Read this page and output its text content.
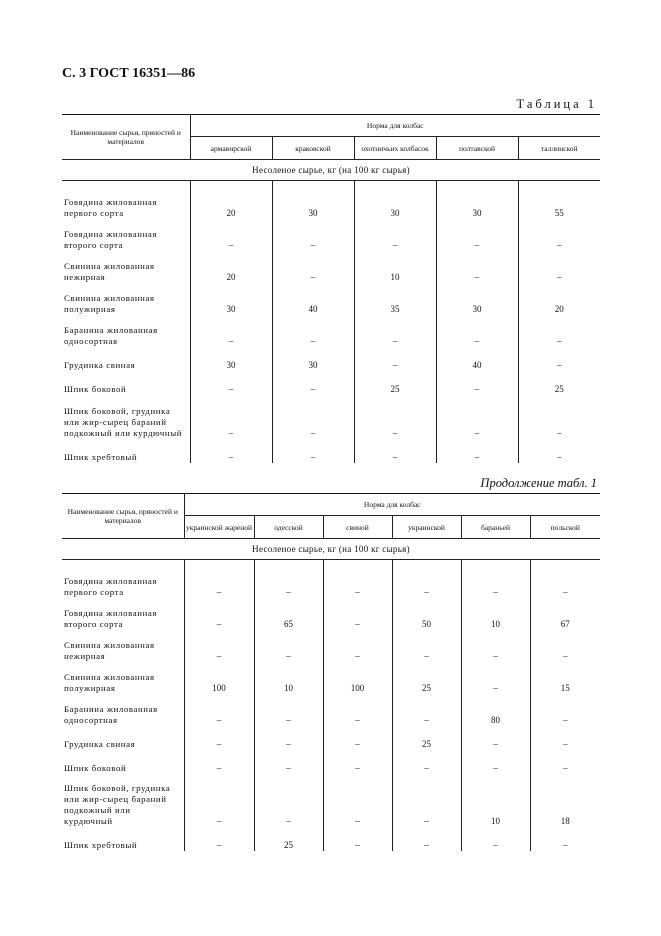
С. 3 ГОСТ 16351—86
Таблица 1
Наименование сырья, пряностей и материалов	Норма для колбас				
	армавирской	краковской	охотничьих колбасок	полтавской	таллинской
Несоленое сырье, кг (на 100 кг сырья)					

Говядина жилованная первого сорта	20	30	30	30	55
Говядина жилованная второго сорта	–	–	–	–	–
Свинина жилованная нежирная	20	–	10	–	–
Свинина жилованная полужирная	30	40	35	30	20
Баранина жилованная односортная	–	–	–	–	–
Грудинка свиная	30	30	–	40	–
Шпик боковой	–	–	25	–	25
Шпик боковой, грудинка или жир-сырец бараний подкожный или курдючный	–	–	–	–	–
Шпик хребтовый	–	–	–	–	–
Продолжение табл. 1
Наименование сырья, пряностей и материалов	Норма для колбас					
	украинской жареной	одесской	свиной	украинской	бараньей	польской
Несоленое сырье, кг (на 100 кг сырья)						

Говядина жилованная первого сорта	–	–	–	–	–	–
Говядина жилованная второго сорта	–	65	–	50	10	67
Свинина жилованная нежирная	–	–	–	–	–	–
Свинина жилованная полужирная	100	10	100	25	–	15
Баранина жилованная односортная	–	–	–	–	80	–
Грудинка свиная	–	–	–	25	–	–
Шпик боковой	–	–	–	–	–	–
Шпик боковой, грудинка или жир-сырец бараний подкожный или курдючный	–	–	–	–	10	18
Шпик хребтовый	–	25	–	–	–	–
